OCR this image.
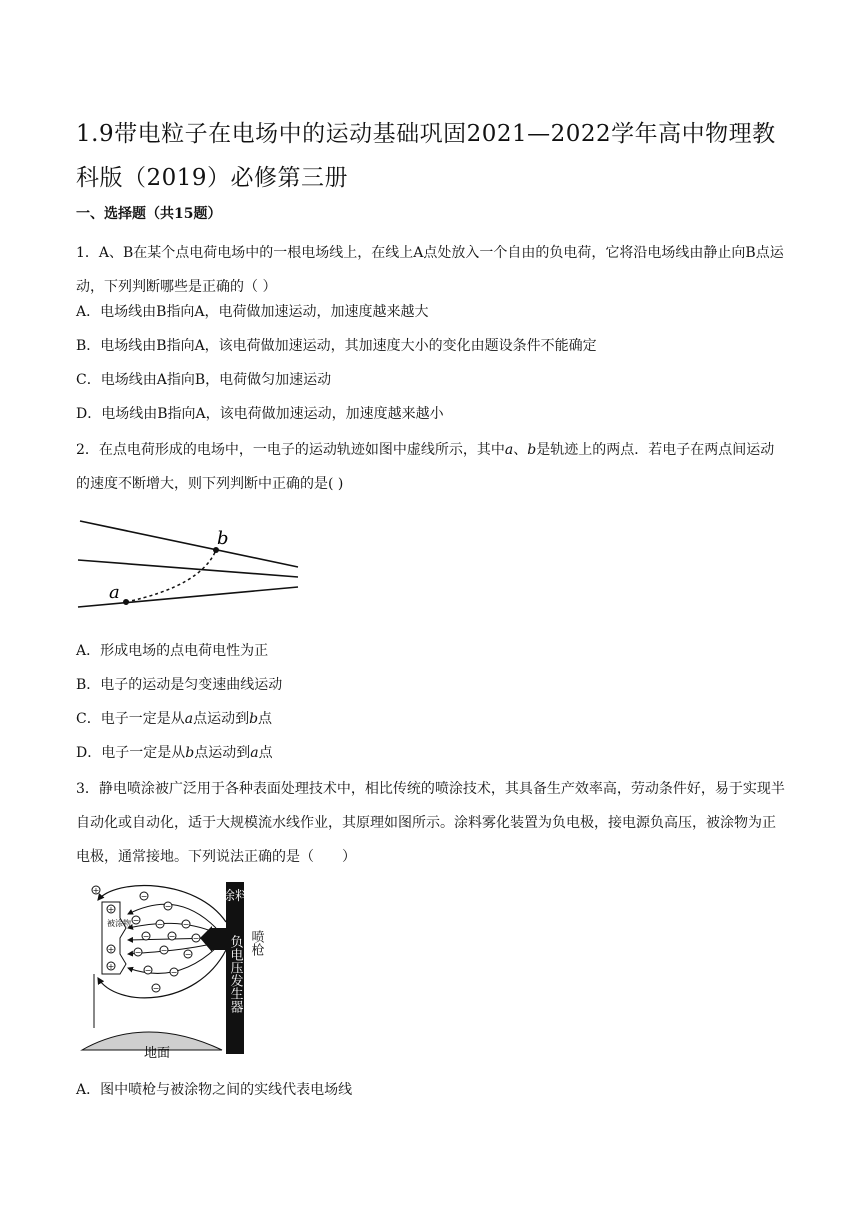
1.9带电粒子在电场中的运动基础巩固2021—2022学年高中物理教科版（2019）必修第三册
一、选择题（共15题）

1．A、B在某个点电荷电场中的一根电场线上，在线上A点处放入一个自由的负电荷，它将沿电场线由静止向B点运动，下列判断哪些是正确的（ ）

A．电场线由B指向A，电荷做加速运动，加速度越来越大
B．电场线由B指向A，该电荷做加速运动，其加速度大小的变化由题设条件不能确定
C．电场线由A指向B，电荷做匀加速运动
D．电场线由B指向A，该电荷做加速运动，加速度越来越小

2．在点电荷形成的电场中，一电子的运动轨迹如图中虚线所示，其中a、b是轨迹上的两点．若电子在两点间运动的速度不断增大，则下列判断中正确的是( )

a
b
A．形成电场的点电荷电性为正
B．电子的运动是匀变速曲线运动
C．电子一定是从a点运动到b点
D．电子一定是从b点运动到a点

3．静电喷涂被广泛用于各种表面处理技术中，相比传统的喷涂技术，其具备生产效率高，劳动条件好，易于实现半自动化或自动化，适于大规模流水线作业，其原理如图所示。涂料雾化装置为负电极，接电源负高压，被涂物为正电极，通常接地。下列说法正确的是（　　）

地面
被涂物
+
+
+
+
−
−
− − −
− − −
− − −
− −
−
涂料
负电压发生器 喷枪
A．图中喷枪与被涂物之间的实线代表电场线
